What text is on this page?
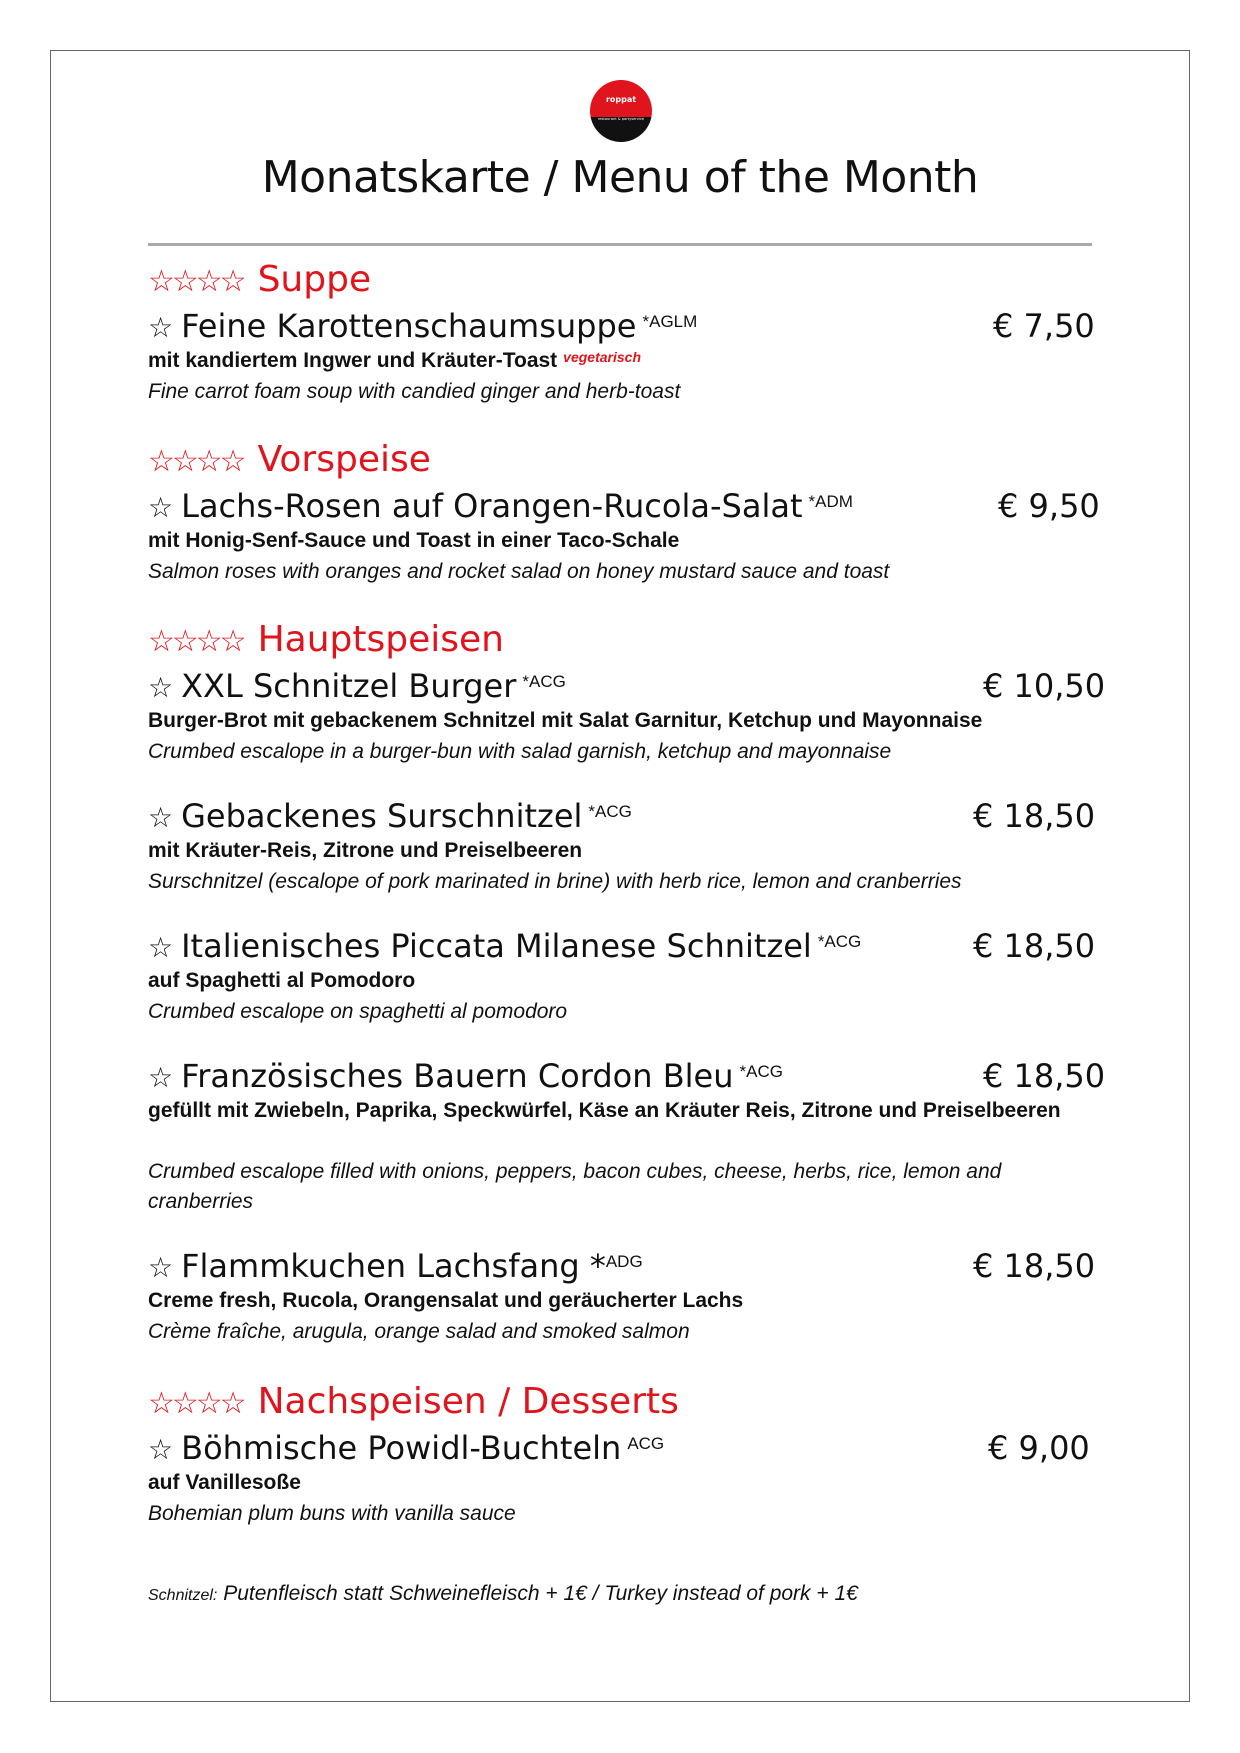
roppat
restaurant & partyservice
Monatskarte / Menu of the Month
☆☆☆☆ Suppe
☆ Feine Karottenschaumsuppe $^{*AGLM}$	€ 7,50
mit kandiertem Ingwer und Kräuter-Toast $^{vegetarisch}$
Fine carrot foam soup with candied ginger and herb-toast
☆☆☆☆ Vorspeise
☆ Lachs-Rosen auf Orangen-Rucola-Salat $^{*ADM}$	€ 9,50
mit Honig-Senf-Sauce und Toast in einer Taco-Schale
Salmon roses with oranges and rocket salad on honey mustard sauce and toast
☆☆☆☆ Hauptspeisen
☆ XXL Schnitzel Burger $^{*ACG}$	€ 10,50
Burger-Brot mit gebackenem Schnitzel mit Salat Garnitur, Ketchup und Mayonnaise
Crumbed escalope in a burger-bun with salad garnish, ketchup and mayonnaise
☆ Gebackenes Surschnitzel $^{*ACG}$	€ 18,50
mit Kräuter-Reis, Zitrone und Preiselbeeren
Surschnitzel (escalope of pork marinated in brine) with herb rice, lemon and cranberries
☆ Italienisches Piccata Milanese Schnitzel $^{*ACG}$	€ 18,50
auf Spaghetti al Pomodoro
Crumbed escalope on spaghetti al pomodoro
☆ Französisches Bauern Cordon Bleu $^{*ACG}$	€ 18,50
gefüllt mit Zwiebeln, Paprika, Speckwürfel, Käse an Kräuter Reis, Zitrone und Preiselbeeren
Crumbed escalope filled with onions, peppers, bacon cubes, cheese, herbs, rice, lemon and cranberries
☆ Flammkuchen Lachsfang *$^{ADG}$	€ 18,50
Creme fresh, Rucola, Orangensalat und geräucherter Lachs
Crème fraîche, arugula, orange salad and smoked salmon
☆☆☆☆ Nachspeisen / Desserts
☆ Böhmische Powidl-Buchteln $^{ACG}$	€ 9,00
auf Vanillesoße
Bohemian plum buns with vanilla sauce
Schnitzel: Putenfleisch statt Schweinefleisch + 1€ / Turkey instead of pork + 1€
